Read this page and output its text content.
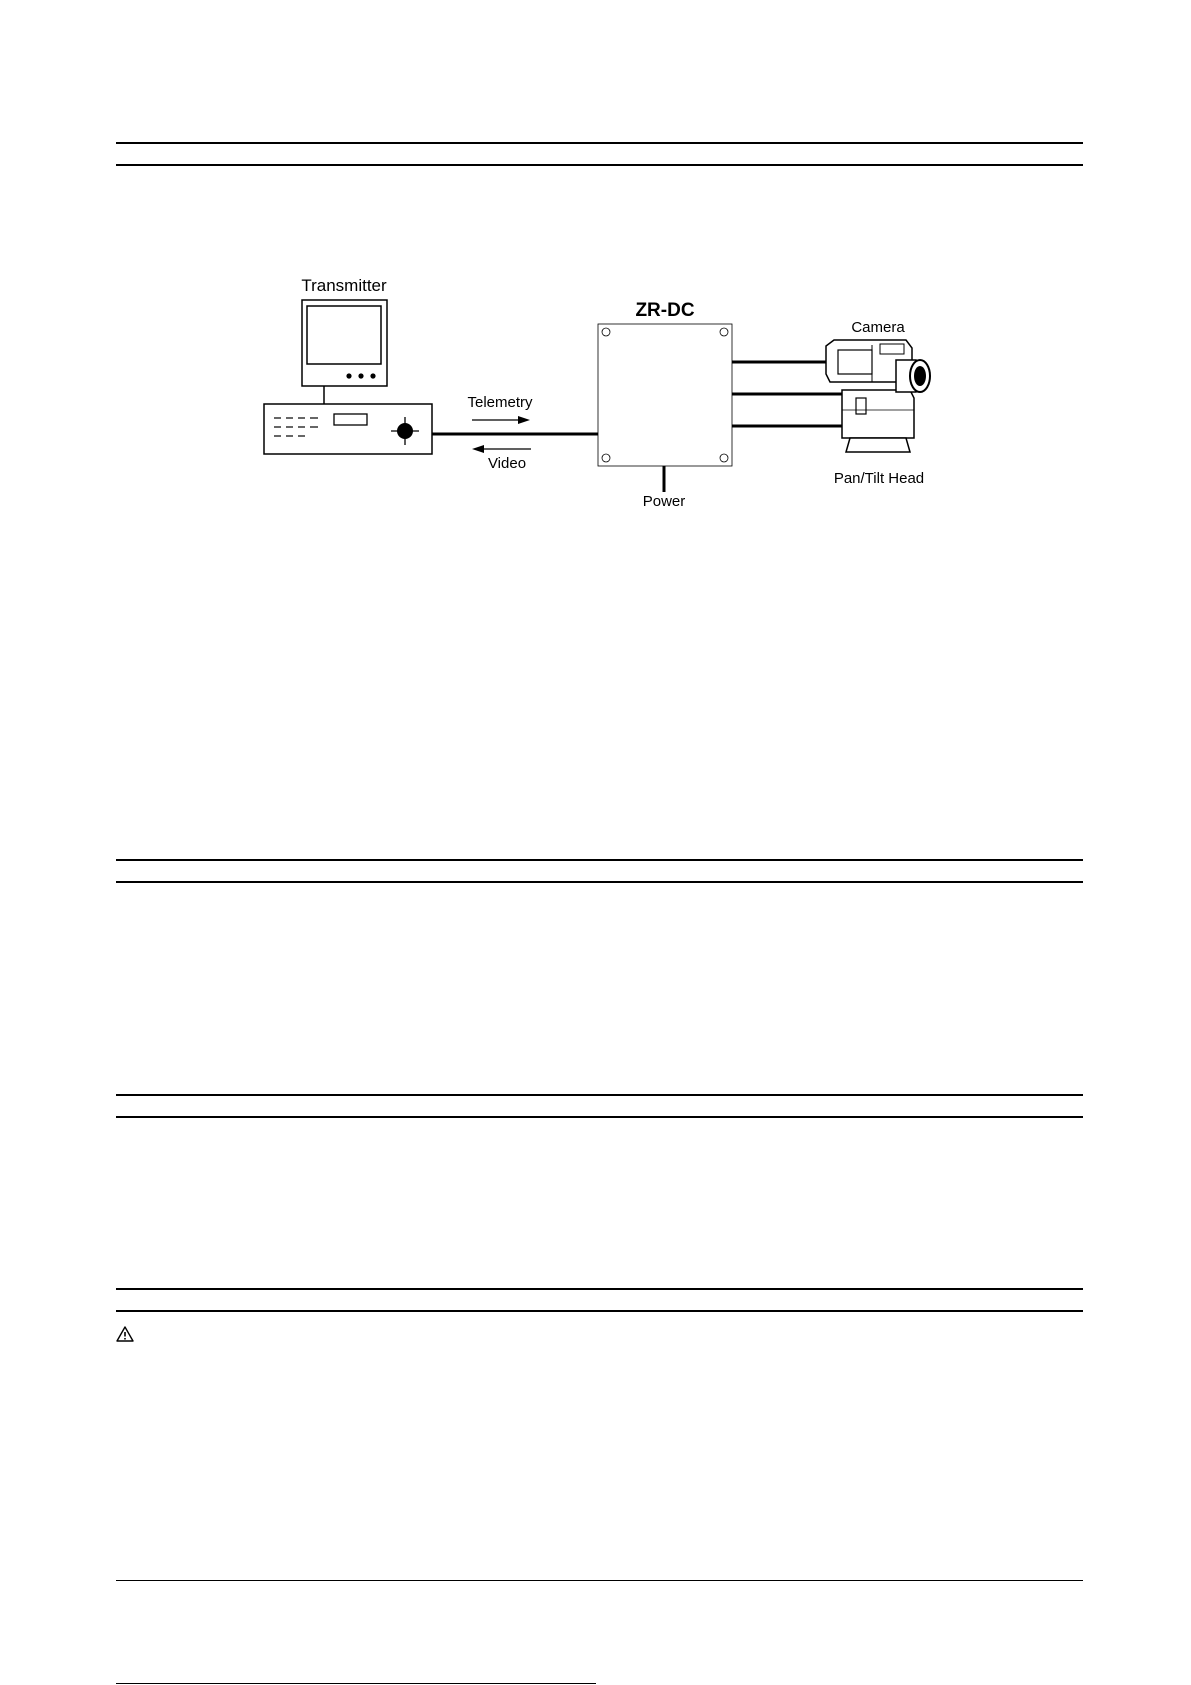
Transmitter
Telemetry
Video
ZR-DC
Power
Camera
Pan/Tilt Head
